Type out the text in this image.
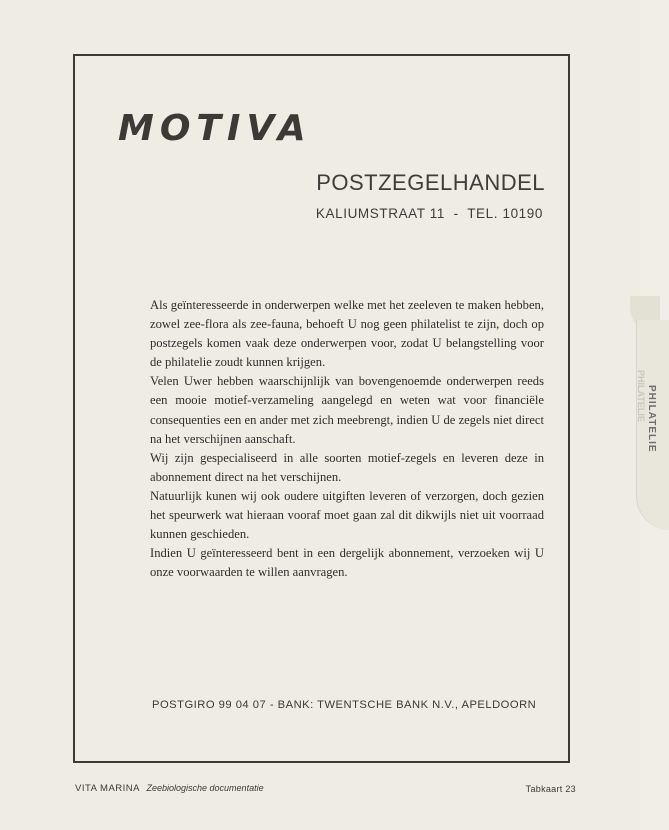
PHILATELIE PHILATELIE
MOTIVA
POSTZEGELHANDEL
KALIUMSTRAAT 11  -  TEL. 10190

Als geïnteresseerde in onderwerpen welke met het zeeleven te maken hebben, zowel zee-flora als zee-fauna, behoeft U nog geen philatelist te zijn, doch op postzegels komen vaak deze onderwerpen voor, zodat U belangstelling voor de philatelie zoudt kunnen krijgen.

Velen Uwer hebben waarschijnlijk van bovengenoemde onderwerpen reeds een mooie motief-verzameling aangelegd en weten wat voor financiële consequenties een en ander met zich meebrengt, indien U de zegels niet direct na het verschijnen aanschaft.

Wij zijn gespecialiseerd in alle soorten motief-zegels en leveren deze in abonnement direct na het verschijnen.

Natuurlijk kunen wij ook oudere uitgiften leveren of verzorgen, doch gezien het speurwerk wat hieraan vooraf moet gaan zal dit dikwijls niet uit voorraad kunnen geschieden.

Indien U geïnteresseerd bent in een dergelijk abonnement, verzoeken wij U onze voorwaarden te willen aanvragen.

POSTGIRO 99 04 07 - BANK: TWENTSCHE BANK N.V., APELDOORN
VITA MARINA Zeebiologische documentatie	Tabkaart 23
